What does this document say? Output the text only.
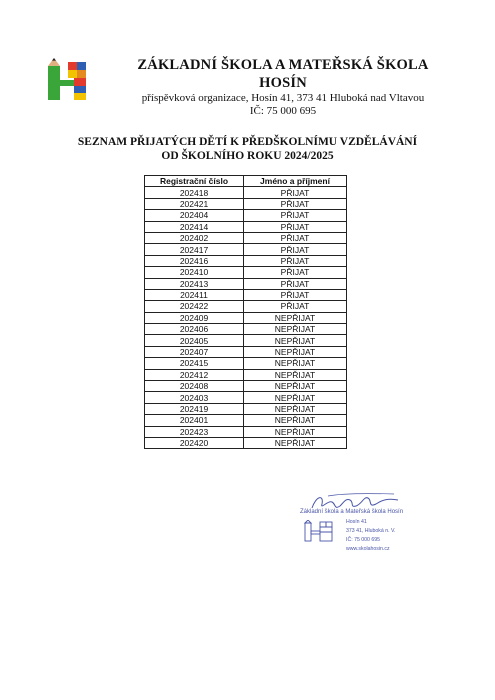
ZÁKLADNÍ ŠKOLA A MATEŘSKÁ ŠKOLA HOSÍN
příspěvková organizace, Hosín 41, 373 41 Hluboká nad Vltavou
IČ: 75 000 695
SEZNAM PŘIJATÝCH DĚTÍ K PŘEDŠKOLNÍMU VZDĚLÁVÁNÍ
OD ŠKOLNÍHO ROKU 2024/2025
Registrační číslo	Jméno a příjmení
202418	PŘIJAT
202421	PŘIJAT
202404	PŘIJAT
202414	PŘIJAT
202402	PŘIJAT
202417	PŘIJAT
202416	PŘIJAT
202410	PŘIJAT
202413	PŘIJAT
202411	PŘIJAT
202422	PŘIJAT
202409	NEPŘIJAT
202406	NEPŘIJAT
202405	NEPŘIJAT
202407	NEPŘIJAT
202415	NEPŘIJAT
202412	NEPŘIJAT
202408	NEPŘIJAT
202403	NEPŘIJAT
202419	NEPŘIJAT
202401	NEPŘIJAT
202423	NEPŘIJAT
202420	NEPŘIJAT
Základní škola a Mateřská škola Hosín
Hosín 41
373 41, Hluboká n. V.
IČ: 75 000 695
www.skolahosin.cz
